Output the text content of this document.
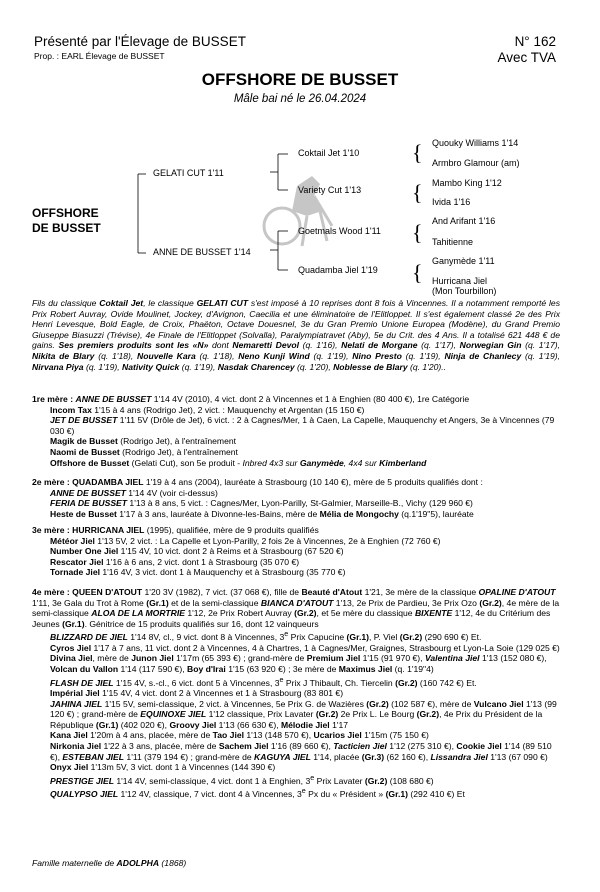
Présenté par l'Élevage de BUSSET
Prop. : EARL Élevage de BUSSET
N° 162
Avec TVA
OFFSHORE DE BUSSET
Mâle bai né le 26.04.2024
{
{
{
{
OFFSHORE
DE BUSSET
GELATI CUT 1'11
ANNE DE BUSSET 1'14
Coktail Jet 1'10
Variety Cut 1'13
Goetmals Wood 1'11
Quadamba Jiel 1'19
Quouky Williams 1'14
Armbro Glamour (am)
Mambo King 1'12
Ivida 1'16
And Arifant 1'16
Tahitienne
Ganymède 1'11
Hurricana Jiel
(Mon Tourbillon)
Fils du classique Coktail Jet, le classique GELATI CUT s'est imposé à 10 reprises dont 8 fois à Vincennes. Il a notamment remporté les Prix Robert Auvray, Ovide Moulinet, Jockey, d'Avignon, Caecilia et une éliminatoire de l'Elitloppet. Il s'est également classé 2e des Prix Henri Levesque, Bold Eagle, de Croix, Phaëton, Octave Douesnel, 3e du Gran Premio Unione Europea (Modène), du Grand Premio Giuseppe Biasuzzi (Trévise), 4e Finale de l'Elitloppet (Solvalla), Paralympiatravet (Aby), 5e du Crit. des 4 Ans. Il a totalisé 621 448 € de gains. Ses premiers produits sont les «N» dont Nemaretti Devol (q. 1'16), Nelati de Morgane (q. 1'17), Norwegian Gin (q. 1'17), Nikita de Blary (q. 1'18), Nouvelle Kara (q. 1'18), Neno Kunji Wind (q. 1'19), Nino Presto (q. 1'19), Ninja de Chanlecy (q. 1'19), Nirvana Piya (q. 1'19), Nativity Quick (q. 1'19), Nasdak Charencey (q. 1'20), Noblesse de Blary (q. 1'20)..

1re mère : ANNE DE BUSSET 1'14 4V (2010), 4 vict. dont 2 à Vincennes et 1 à Enghien (80 400 €), 1re Catégorie

Incom Tax 1'15 à 4 ans (Rodrigo Jet), 2 vict. : Mauquenchy et Argentan (15 150 €)

JET DE BUSSET 1'11 5V (Drôle de Jet), 6 vict. : 2 à Cagnes/Mer, 1 à Caen, La Capelle, Mauquenchy et Angers, 3e à Vincennes (79 030 €)

Magik de Busset (Rodrigo Jet), à l'entraînement

Naomi de Busset (Rodrigo Jet), à l'entraînement

Offshore de Busset (Gelati Cut), son 5e produit - Inbred 4x3 sur Ganymède, 4x4 sur Kimberland

2e mère : QUADAMBA JIEL 1'19 à 4 ans (2004), lauréate à Strasbourg (10 140 €), mère de 5 produits qualifiés dont :

ANNE DE BUSSET 1'14 4V (voir ci-dessus)

FERIA DE BUSSET 1'13 à 8 ans, 5 vict. : Cagnes/Mer, Lyon-Parilly, St-Galmier, Marseille-B., Vichy (129 960 €)

Heste de Busset 1'17 à 3 ans, lauréate à Divonne-les-Bains, mère de Mélia de Mongochy (q.1'19"5), lauréate

3e mère : HURRICANA JIEL (1995), qualifiée, mère de 9 produits qualifiés

Météor Jiel 1'13 5V, 2 vict. : La Capelle et Lyon-Parilly, 2 fois 2e à Vincennes, 2e à Enghien (72 760 €)

Number One Jiel 1'15 4V, 10 vict. dont 2 à Reims et à Strasbourg (67 520 €)

Rescator Jiel 1'16 à 6 ans, 2 vict. dont 1 à Strasbourg (35 070 €)

Tornade Jiel 1'16 4V, 3 vict. dont 1 à Mauquenchy et à Strasbourg (35 770 €)

4e mère : QUEEN D'ATOUT 1'20 3V (1982), 7 vict. (37 068 €), fille de Beauté d'Atout 1'21, 3e mère de la classique OPALINE D'ATOUT 1'11, 3e Gala du Trot à Rome (Gr.1) et de la semi-classique BIANCA D'ATOUT 1'13, 2e Prix de Pardieu, 3e Prix Ozo (Gr.2), 4e mère de la semi-classique ALOA DE LA MORTRIE 1'12, 2e Prix Robert Auvray (Gr.2), et 5e mère du classique BIXENTE 1'12, 4e du Critérium des Jeunes (Gr.1). Génitrice de 15 produits qualifiés sur 16, dont 12 vainqueurs

BLIZZARD DE JIEL 1'14 8V, cl., 9 vict. dont 8 à Vincennes, 3e Prix Capucine (Gr.1), P. Viel (Gr.2) (290 690 €) Et.

Cyros Jiel 1'17 à 7 ans, 11 vict. dont 2 à Vincennes, 4 à Chartres, 1 à Cagnes/Mer, Graignes, Strasbourg et Lyon-La Soie (129 025 €)

Divina Jiel, mère de Junon Jiel 1'17m (65 393 €) ; grand-mère de Premium Jiel 1'15 (91 970 €), Valentina Jiel 1'13 (152 080 €), Volcan du Vallon 1'14 (117 590 €), Boy d'Irai 1'15 (63 920 €) ; 3e mère de Maximus Jiel (q. 1'19"4)

FLASH DE JIEL 1'15 4V, s.-cl., 6 vict. dont 5 à Vincennes, 3e Prix J Thibault, Ch. Tiercelin (Gr.2) (160 742 €) Et.

Impérial Jiel 1'15 4V, 4 vict. dont 2 à Vincennes et 1 à Strasbourg (83 801 €)

JAHINA JIEL 1'15 5V, semi-classique, 2 vict. à Vincennes, 5e Prix G. de Wazières (Gr.2) (102 587 €), mère de Vulcano Jiel 1'13 (99 120 €) ; grand-mère de EQUINOXE JIEL 1'12 classique, Prix Lavater (Gr.2) 2e Prix L. Le Bourg (Gr.2), 4e Prix du Président de la République (Gr.1) (402 020 €), Groovy Jiel 1'13 (66 630 €), Mélodie Jiel 1'17

Kana Jiel 1'20m à 4 ans, placée, mère de Tao Jiel 1'13 (148 570 €), Ucarios Jiel 1'15m (75 150 €)

Nirkonia Jiel 1'22 à 3 ans, placée, mère de Sachem Jiel 1'16 (89 660 €), Tacticien Jiel 1'12 (275 310 €), Cookie Jiel 1'14 (89 510 €), ESTEBAN JIEL 1'11 (379 194 €) ; grand-mère de KAGUYA JIEL 1'14, placée (Gr.3) (62 160 €), Lissandra Jiel 1'13 (67 090 €)

Onyx Jiel 1'13m 5V, 3 vict. dont 1 à Vincennes (144 390 €)

PRESTIGE JIEL 1'14 4V, semi-classique, 4 vict. dont 1 à Enghien, 3e Prix Lavater (Gr.2) (108 680 €)

QUALYPSO JIEL 1'12 4V, classique, 7 vict. dont 4 à Vincennes, 3e Px du « Président » (Gr.1) (292 410 €) Et

Famille maternelle de ADOLPHA (1868)
